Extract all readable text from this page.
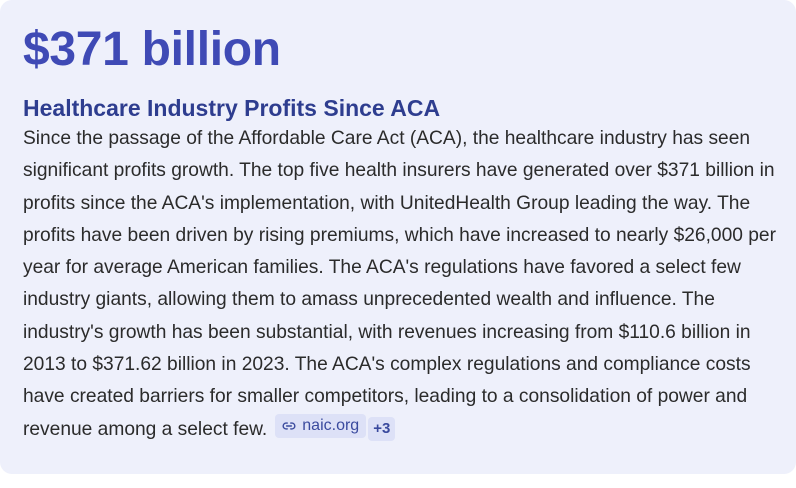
$371 billion
Healthcare Industry Profits Since ACA

Since the passage of the Affordable Care Act (ACA), the healthcare industry has seen significant profits growth. The top five health insurers have generated over $371 billion in profits since the ACA's implementation, with UnitedHealth Group leading the way. The profits have been driven by rising premiums, which have increased to nearly $26,000 per year for average American families. The ACA's regulations have favored a select few industry giants, allowing them to amass unprecedented wealth and influence. The industry's growth has been substantial, with revenues increasing from $110.6 billion in 2013 to $371.62 billion in 2023. The ACA's complex regulations and compliance costs have created barriers for smaller competitors, leading to a consolidation of power and revenue among a select few. naic.org +3
